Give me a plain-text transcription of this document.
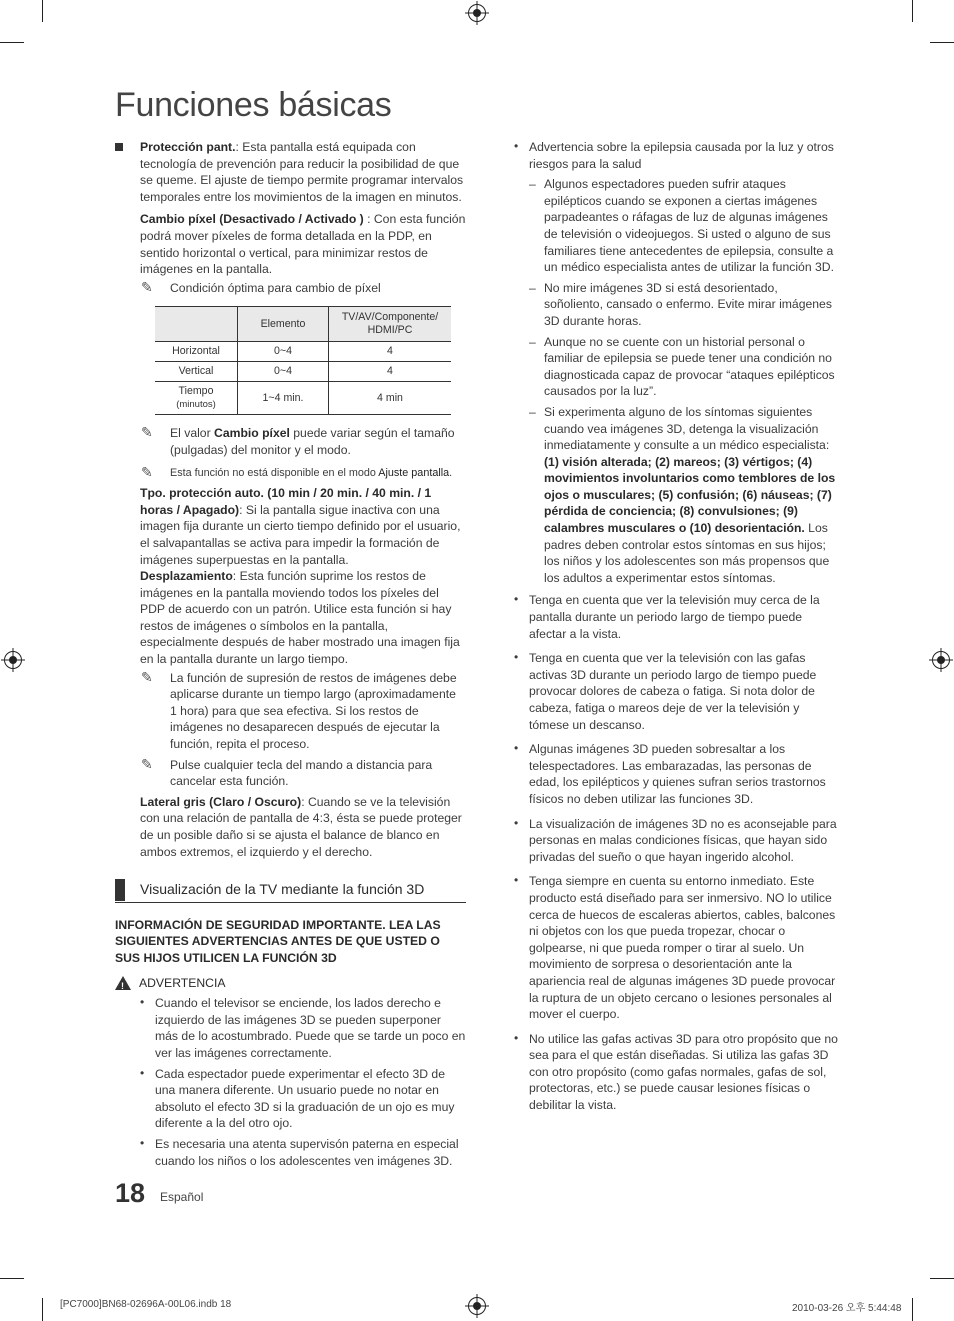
Funciones básicas

Protección pant.: Esta pantalla está equipada con tecnología de prevención para reducir la posibilidad de que se queme. El ajuste de tiempo permite programar intervalos temporales entre los movimientos de la imagen en minutos.

Cambio píxel (Desactivado / Activado ) : Con esta función podrá mover píxeles de forma detallada en la PDP, en sentido horizontal o vertical, para minimizar restos de imágenes en la pantalla.

✎ Condición óptima para cambio de píxel
	Elemento	TV/AV/Componente/ HDMI/PC
Horizontal	0~4	4
Vertical	0~4	4
Tiempo
(minutos)	1~4 min.	4 min
✎ El valor Cambio píxel puede variar según el tamaño (pulgadas) del monitor y el modo.
✎ Esta función no está disponible en el modo Ajuste pantalla.

Tpo. protección auto. (10 min / 20 min. / 40 min. / 1 horas / Apagado): Si la pantalla sigue inactiva con una imagen fija durante un cierto tiempo definido por el usuario, el salvapantallas se activa para impedir la formación de imágenes superpuestas en la pantalla.

Desplazamiento: Esta función suprime los restos de imágenes en la pantalla moviendo todos los píxeles del PDP de acuerdo con un patrón. Utilice esta función si hay restos de imágenes o símbolos en la pantalla, especialmente después de haber mostrado una imagen fija en la pantalla durante un largo tiempo.

✎ La función de supresión de restos de imágenes debe aplicarse durante un tiempo largo (aproximadamente 1 hora) para que sea efectiva. Si los restos de imágenes no desaparecen después de ejecutar la función, repita el proceso.
✎ Pulse cualquier tecla del mando a distancia para cancelar esta función.

Lateral gris (Claro / Oscuro): Cuando se ve la televisión con una relación de pantalla de 4:3, ésta se puede proteger de un posible daño si se ajusta el balance de blanco en ambos extremos, el izquierdo y el derecho.

Visualización de la TV mediante la función 3D

INFORMACIÓN DE SEGURIDAD IMPORTANTE. LEA LAS SIGUIENTES ADVERTENCIAS ANTES DE QUE USTED O SUS HIJOS UTILICEN LA FUNCIÓN 3D

!
ADVERTENCIA

• Cuando el televisor se enciende, los lados derecho e izquierdo de las imágenes 3D se pueden superponer más de lo acostumbrado. Puede que se tarde un poco en ver las imágenes correctamente.
• Cada espectador puede experimentar el efecto 3D de una manera diferente. Un usuario puede no notar en absoluto el efecto 3D si la graduación de un ojo es muy diferente a la del otro ojo.
• Es necesaria una atenta supervisón paterna en especial cuando los niños o los adolescentes ven imágenes 3D.
• Advertencia sobre la epilepsia causada por la luz y otros riesgos para la salud
– Algunos espectadores pueden sufrir ataques epilépticos cuando se exponen a ciertas imágenes parpadeantes o ráfagas de luz de algunas imágenes de televisión o videojuegos. Si usted o alguno de sus familiares tiene antecedentes de epilepsia, consulte a un médico especialista antes de utilizar la función 3D.
– No mire imágenes 3D si está desorientado, soñoliento, cansado o enfermo. Evite mirar imágenes 3D durante horas.
– Aunque no se cuente con un historial personal o familiar de epilepsia se puede tener una condición no diagnosticada capaz de provocar “ataques epilépticos causados por la luz”.
– Si experimenta alguno de los síntomas siguientes cuando vea imágenes 3D, detenga la visualización inmediatamente y consulte a un médico especialista: (1) visión alterada; (2) mareos; (3) vértigos; (4) movimientos involuntarios como temblores de los ojos o musculares; (5) confusión; (6) náuseas; (7) pérdida de conciencia; (8) convulsiones; (9) calambres musculares o (10) desorientación. Los padres deben controlar estos síntomas en sus hijos; los niños y los adolescentes son más propensos que los adultos a experimentar estos síntomas.
• Tenga en cuenta que ver la televisión muy cerca de la pantalla durante un periodo largo de tiempo puede afectar a la vista.
• Tenga en cuenta que ver la televisión con las gafas activas 3D durante un periodo largo de tiempo puede provocar dolores de cabeza o fatiga. Si nota dolor de cabeza, fatiga o mareos deje de ver la televisión y tómese un descanso.
• Algunas imágenes 3D pueden sobresaltar a los telespectadores. Las embarazadas, las personas de edad, los epilépticos y quienes sufran serios trastornos físicos no deben utilizar las funciones 3D.
• La visualización de imágenes 3D no es aconsejable para personas en malas condiciones físicas, que hayan sido privadas del sueño o que hayan ingerido alcohol.
• Tenga siempre en cuenta su entorno inmediato. Este producto está diseñado para ser inmersivo. NO lo utilice cerca de huecos de escaleras abiertos, cables, balcones ni objetos con los que pueda tropezar, chocar o golpearse, ni que pueda romper o tirar al suelo. Un movimiento de sorpresa o desorientación ante la apariencia real de algunas imágenes 3D puede provocar la ruptura de un objeto cercano o lesiones personales al mover el cuerpo.
• No utilice las gafas activas 3D para otro propósito que no sea para el que están diseñadas. Si utiliza las gafas 3D con otro propósito (como gafas normales, gafas de sol, protectoras, etc.) se puede causar lesiones físicas o debilitar la vista.
18 Español
[PC7000]BN68-02696A-00L06.indb 18	2010-03-26 오후 5:44:48
